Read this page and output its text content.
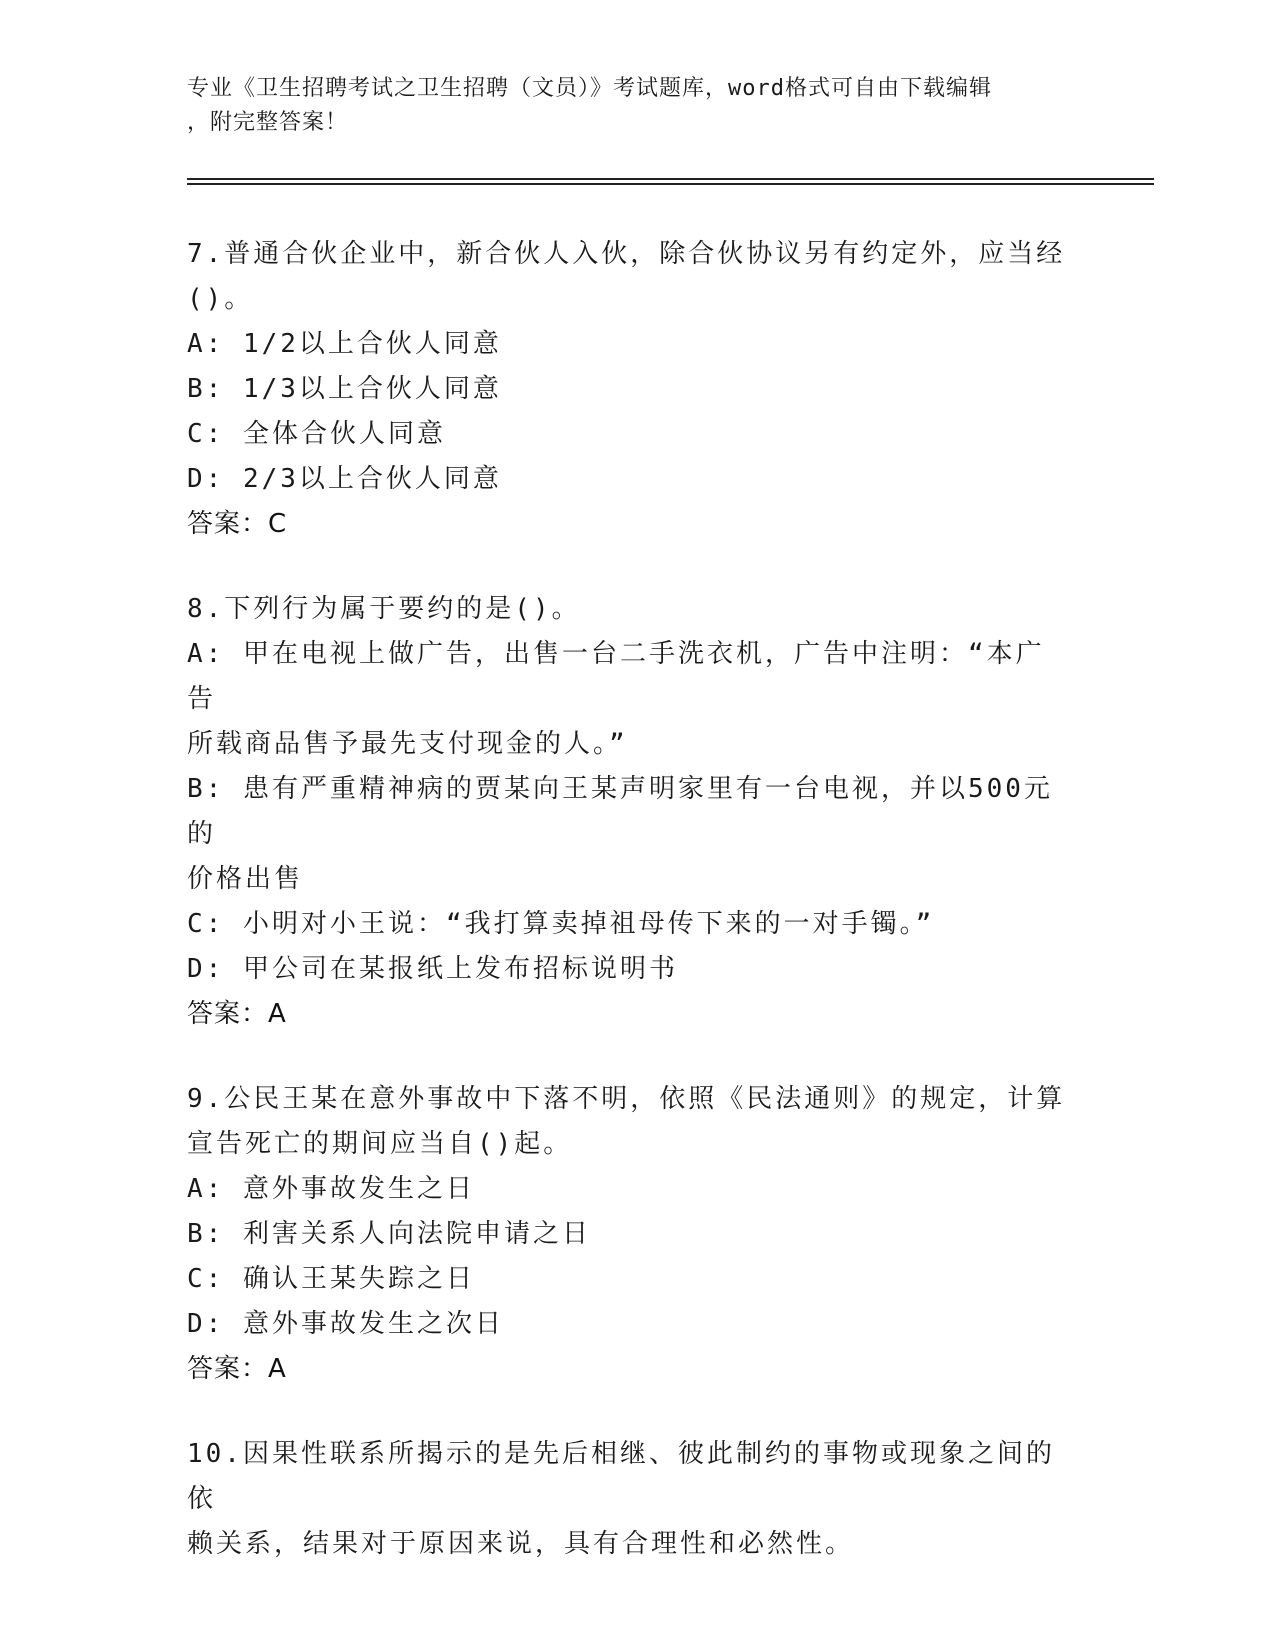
专业《卫生招聘考试之卫生招聘（文员）》考试题库，word格式可自由下载编辑
，附完整答案！
7.普通合伙企业中，新合伙人入伙，除合伙协议另有约定外，应当经
()。
A: 1/2以上合伙人同意
B: 1/3以上合伙人同意
C: 全体合伙人同意
D: 2/3以上合伙人同意
答案：C
8.下列行为属于要约的是()。
A: 甲在电视上做广告，出售一台二手洗衣机，广告中注明：“本广告
所载商品售予最先支付现金的人。”
B: 患有严重精神病的贾某向王某声明家里有一台电视，并以500元的
价格出售
C: 小明对小王说：“我打算卖掉祖母传下来的一对手镯。”
D: 甲公司在某报纸上发布招标说明书
答案：A
9.公民王某在意外事故中下落不明，依照《民法通则》的规定，计算
宣告死亡的期间应当自()起。
A: 意外事故发生之日
B: 利害关系人向法院申请之日
C: 确认王某失踪之日
D: 意外事故发生之次日
答案：A
10.因果性联系所揭示的是先后相继、彼此制约的事物或现象之间的依
赖关系，结果对于原因来说，具有合理性和必然性。
